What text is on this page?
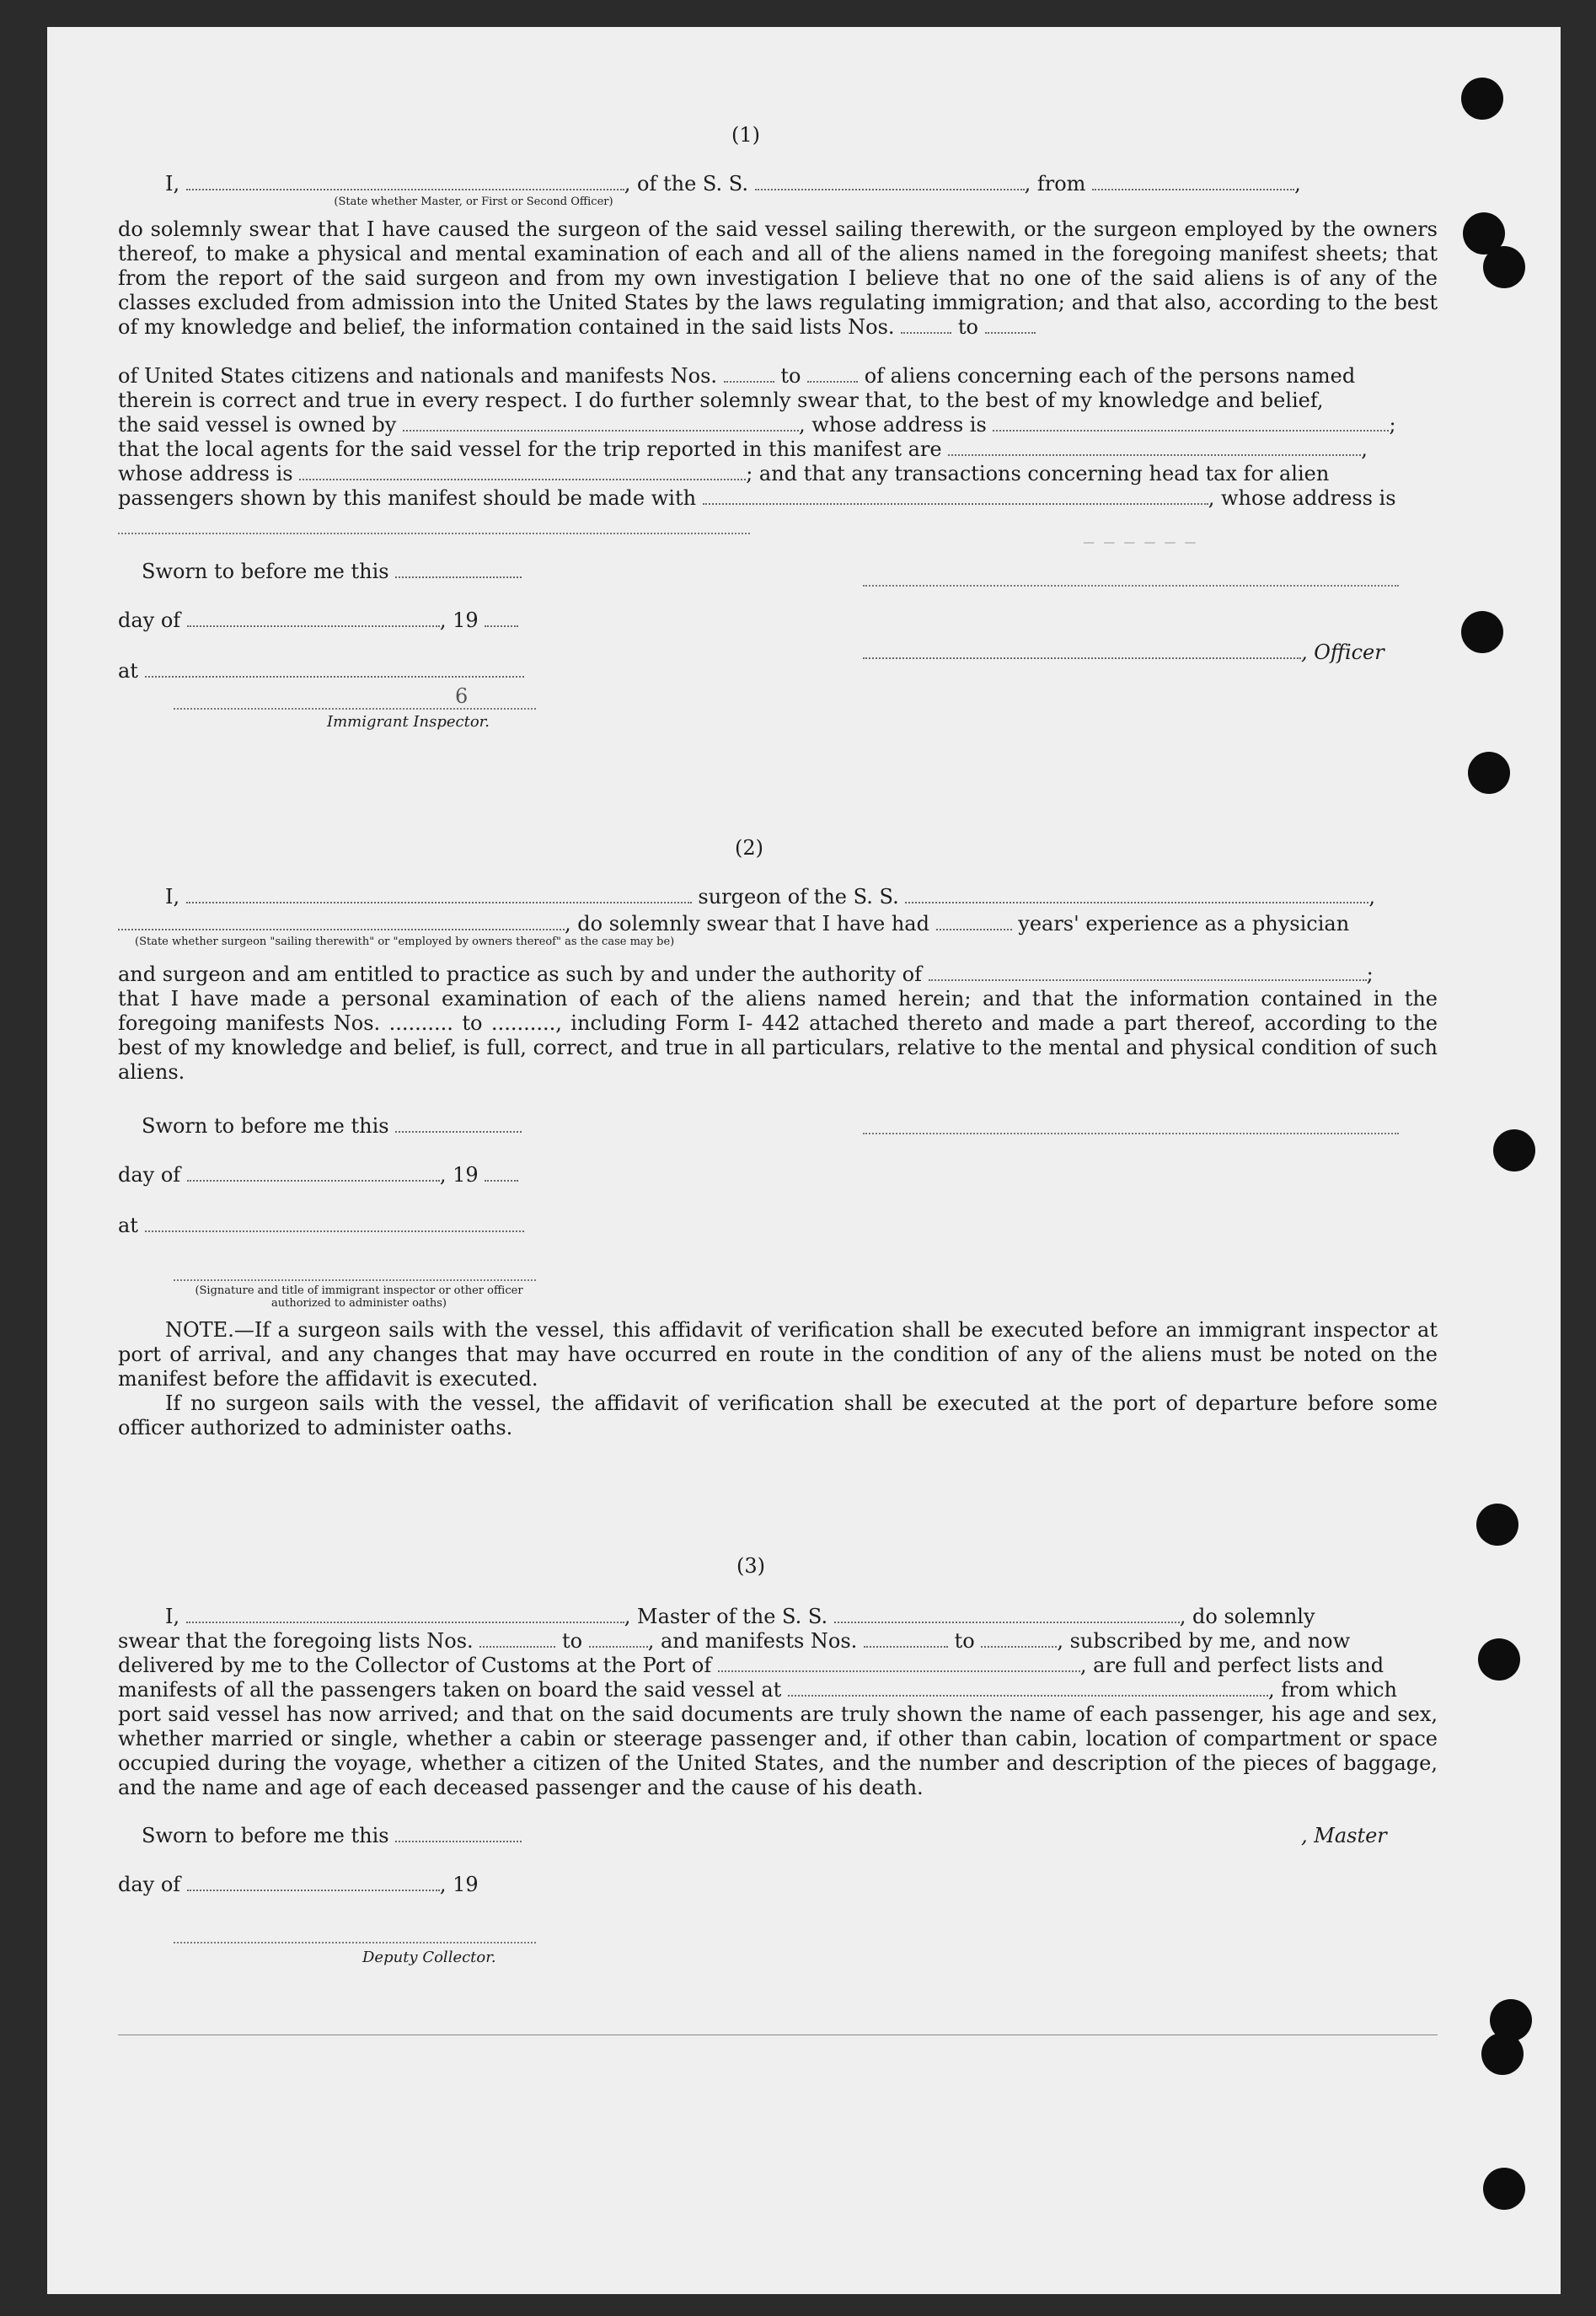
─ ─ ─ ─ ─ ─
(1)
I,	, of the S. S.	, from	,
(State whether Master, or First or Second Officer)
do solemnly swear that I have caused the surgeon of the said vessel sailing therewith, or the surgeon employed by the owners thereof, to make a physical and mental examination of each and all of the aliens named in the foregoing manifest sheets; that from the report of the said surgeon and from my own investigation I believe that no one of the said aliens is of any of the classes excluded from admission into the United States by the laws regulating immigration; and that also, according to the best of my knowledge and belief, the information contained in the said lists Nos.	to
of United States citizens and nationals and manifests Nos.	to	of aliens concerning each of the persons named
therein is correct and true in every respect. I do further solemnly swear that, to the best of my knowledge and belief,
the said vessel is owned by	, whose address is	;
that the local agents for the said vessel for the trip reported in this manifest are	,
whose address is	; and that any transactions concerning head tax for alien
passengers shown by this manifest should be made with	, whose address is
Sworn to before me this
day of	, 19
, Officer
at
6
Immigrant Inspector.
(2)
I,	surgeon of the S. S.	,
, do solemnly swear that I have had	years' experience as a physician
(State whether surgeon "sailing therewith" or "employed by owners thereof" as the case may be)
and surgeon and am entitled to practice as such by and under the authority of	;
that I have made a personal examination of each of the aliens named herein; and that the information contained in the foregoing manifests Nos. .......... to .........., including Form I- 442 attached thereto and made a part thereof, according to the best of my knowledge and belief, is full, correct, and true in all particulars, relative to the mental and physical condition of such aliens.
Sworn to before me this
day of	, 19
at
(Signature and title of immigrant inspector or other officer authorized to administer oaths)
NOTE.—If a surgeon sails with the vessel, this affidavit of verification shall be executed before an immigrant inspector at port of arrival, and any changes that may have occurred en route in the condition of any of the aliens must be noted on the manifest before the affidavit is executed.
If no surgeon sails with the vessel, the affidavit of verification shall be executed at the port of departure before some officer authorized to administer oaths.
(3)
I,	, Master of the S. S.	, do solemnly
swear that the foregoing lists Nos.	to	, and manifests Nos.	to	, subscribed by me, and now
delivered by me to the Collector of Customs at the Port of	, are full and perfect lists and
manifests of all the passengers taken on board the said vessel at	, from which
port said vessel has now arrived; and that on the said documents are truly shown the name of each passenger, his age and sex, whether married or single, whether a cabin or steerage passenger and, if other than cabin, location of compartment or space occupied during the voyage, whether a citizen of the United States, and the number and description of the pieces of baggage, and the name and age of each deceased passenger and the cause of his death.
Sworn to before me this	, Master
day of	, 19
Deputy Collector.
